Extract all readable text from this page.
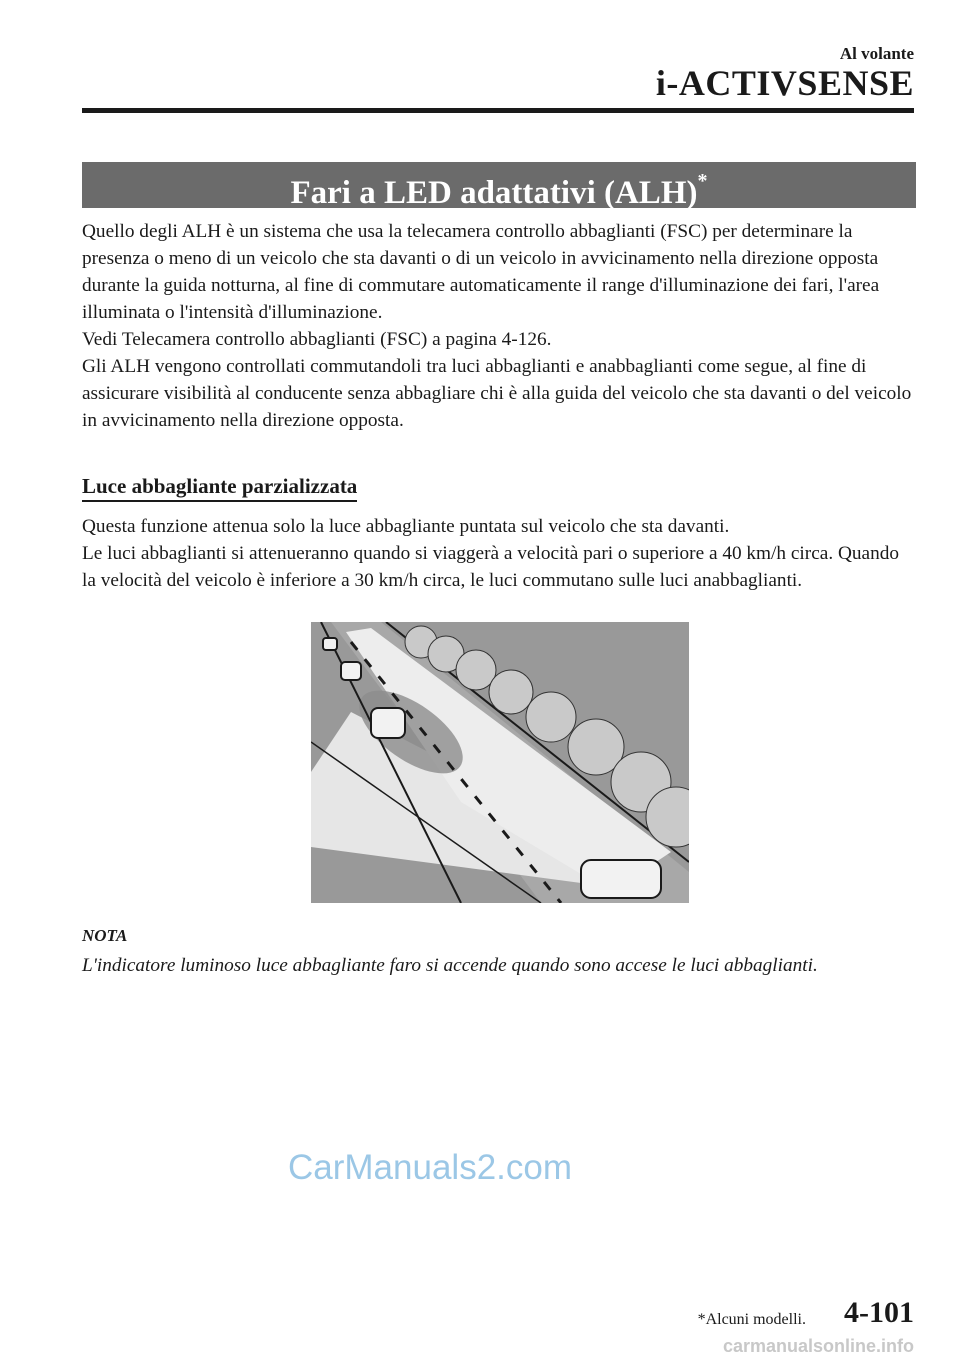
Al volante
i-ACTIVSENSE
Fari a LED adattativi (ALH)*

Quello degli ALH è un sistema che usa la telecamera controllo abbaglianti (FSC) per determinare la presenza o meno di un veicolo che sta davanti o di un veicolo in avvicinamento nella direzione opposta durante la guida notturna, al fine di commutare automaticamente il range d'illuminazione dei fari, l'area illuminata o l'intensità d'illuminazione.

Vedi Telecamera controllo abbaglianti (FSC) a pagina 4-126.

Gli ALH vengono controllati commutandoli tra luci abbaglianti e anabbaglianti come segue, al fine di assicurare visibilità al conducente senza abbagliare chi è alla guida del veicolo che sta davanti o del veicolo in avvicinamento nella direzione opposta.

Luce abbagliante parzializzata

Questa funzione attenua solo la luce abbagliante puntata sul veicolo che sta davanti.

Le luci abbaglianti si attenueranno quando si viaggerà a velocità pari o superiore a 40 km/h circa. Quando la velocità del veicolo è inferiore a 30 km/h circa, le luci commutano sulle luci anabbaglianti.

NOTA
L'indicatore luminoso luce abbagliante faro si accende quando sono accese le luci abbaglianti.
CarManuals2.com
*Alcuni modelli. 4-101
carmanualsonline.info
